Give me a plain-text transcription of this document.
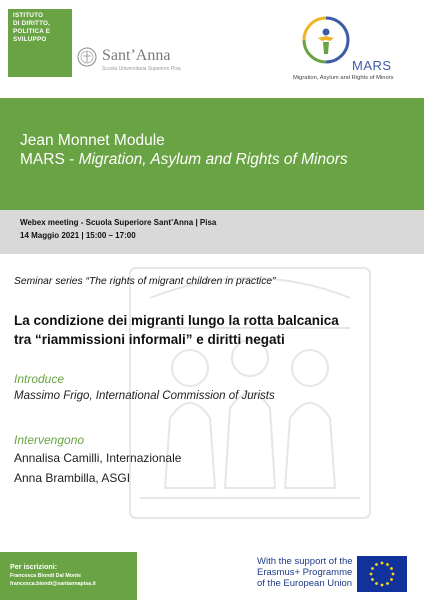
ISTITUTO
DI DIRITTO,
POLITICA E
SVILUPPO
Sant’Anna
Scuola Universitaria Superiore Pisa	MARS
Migration, Asylum and Rights of Minors
Jean Monnet Module
MARS - Migration, Asylum and Rights of Minors
Webex meeting - Scuola Superiore Sant’Anna | Pisa
14 Maggio 2021 | 15:00 – 17:00
Seminar series “The rights of migrant children in practice”
La condizione dei migranti lungo la rotta balcanica
tra “riammissioni informali” e diritti negati
Introduce
Massimo Frigo, International Commission of Jurists
Intervengono
Annalisa Camilli, Internazionale
Anna Brambilla, ASGI
Per iscrizioni:
Francesca Biondi Dal Monte
francesca.biondi@santannapisa.it
With the support of the
Erasmus+ Programme
of the European Union
